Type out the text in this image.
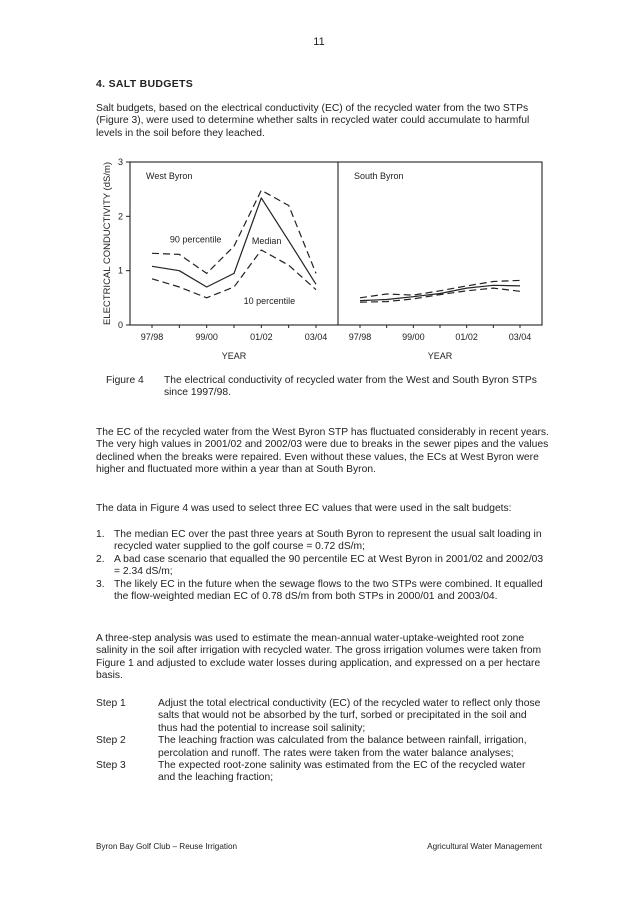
11
4. SALT BUDGETS
Salt budgets, based on the electrical conductivity (EC) of the recycled water from the two STPs (Figure 3), were used to determine whether salts in recycled water could accumulate to harmful levels in the soil before they leached.
ELECTRICAL CONDUCTIVITY (dS/m) 0
1
2
3
West Byron
97/98	99/00	01/02	03/04
YEAR
90 percentile	Median
10 percentile
South Byron
97/98	99/00	01/02	03/04
YEAR
Figure 4 The electrical conductivity of recycled water from the West and South Byron STPs since 1997/98.
The EC of the recycled water from the West Byron STP has fluctuated considerably in recent years. The very high values in 2001/02 and 2002/03 were due to breaks in the sewer pipes and the values declined when the breaks were repaired. Even without these values, the ECs at West Byron were higher and fluctuated more within a year than at South Byron.
The data in Figure 4 was used to select three EC values that were used in the salt budgets:
1. The median EC over the past three years at South Byron to represent the usual salt loading in recycled water supplied to the golf course = 0.72 dS/m;
2. A bad case scenario that equalled the 90 percentile EC at West Byron in 2001/02 and 2002/03 = 2.34 dS/m;
3. The likely EC in the future when the sewage flows to the two STPs were combined. It equalled the flow-weighted median EC of 0.78 dS/m from both STPs in 2000/01 and 2003/04.
A three-step analysis was used to estimate the mean-annual water-uptake-weighted root zone salinity in the soil after irrigation with recycled water. The gross irrigation volumes were taken from Figure 1 and adjusted to exclude water losses during application, and expressed on a per hectare basis.
Step 1	Adjust the total electrical conductivity (EC) of the recycled water to reflect only those salts that would not be absorbed by the turf, sorbed or precipitated in the soil and thus had the potential to increase soil salinity;
Step 2	The leaching fraction was calculated from the balance between rainfall, irrigation, percolation and runoff. The rates were taken from the water balance analyses;
Step 3	The expected root-zone salinity was estimated from the EC of the recycled water and the leaching fraction;
Byron Bay Golf Club – Reuse Irrigation	Agricultural Water Management
